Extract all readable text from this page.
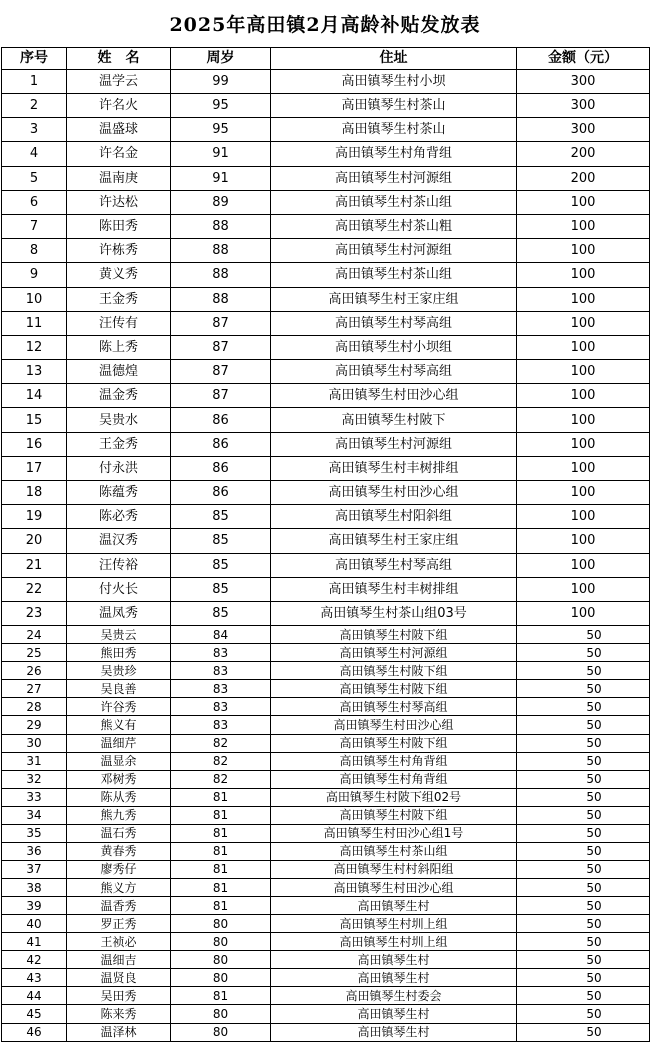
2025年高田镇2月高龄补贴发放表
序号	姓　名	周岁	住址	金额（元）
1	温学云	99	高田镇琴生村小坝	300
2	许名火	95	高田镇琴生村茶山	300
3	温盛球	95	高田镇琴生村茶山	300
4	许名金	91	高田镇琴生村角背组	200
5	温南庚	91	高田镇琴生村河源组	200
6	许达松	89	高田镇琴生村茶山组	100
7	陈田秀	88	高田镇琴生村茶山粗	100
8	许栋秀	88	高田镇琴生村河源组	100
9	黄义秀	88	高田镇琴生村茶山组	100
10	王金秀	88	高田镇琴生村王家庄组	100
11	汪传有	87	高田镇琴生村琴高组	100
12	陈上秀	87	高田镇琴生村小坝组	100
13	温德煌	87	高田镇琴生村琴高组	100
14	温金秀	87	高田镇琴生村田沙心组	100
15	吴贵水	86	高田镇琴生村陂下	100
16	王金秀	86	高田镇琴生村河源组	100
17	付永洪	86	高田镇琴生村丰树排组	100
18	陈蕴秀	86	高田镇琴生村田沙心组	100
19	陈必秀	85	高田镇琴生村阳斜组	100
20	温汉秀	85	高田镇琴生村王家庄组	100
21	汪传裕	85	高田镇琴生村琴高组	100
22	付火长	85	高田镇琴生村丰树排组	100
23	温凤秀	85	高田镇琴生村茶山组03号	100
24	吴贵云	84	高田镇琴生村陂下组	50
25	熊田秀	83	高田镇琴生村河源组	50
26	吴贵珍	83	高田镇琴生村陂下组	50
27	吴良善	83	高田镇琴生村陂下组	50
28	许谷秀	83	高田镇琴生村琴高组	50
29	熊义有	83	高田镇琴生村田沙心组	50
30	温细芹	82	高田镇琴生村陂下组	50
31	温显余	82	高田镇琴生村角背组	50
32	邓树秀	82	高田镇琴生村角背组	50
33	陈从秀	81	高田镇琴生村陂下组02号	50
34	熊九秀	81	高田镇琴生村陂下组	50
35	温石秀	81	高田镇琴生村田沙心组1号	50
36	黄春秀	81	高田镇琴生村茶山组	50
37	廖秀仔	81	高田镇琴生村村斜阳组	50
38	熊义方	81	高田镇琴生村田沙心组	50
39	温香秀	81	高田镇琴生村	50
40	罗正秀	80	高田镇琴生村圳上组	50
41	王祯必	80	高田镇琴生村圳上组	50
42	温细吉	80	高田镇琴生村	50
43	温贤良	80	高田镇琴生村	50
44	吴田秀	81	高田镇琴生村委会	50
45	陈来秀	80	高田镇琴生村	50
46	温泽林	80	高田镇琴生村	50
